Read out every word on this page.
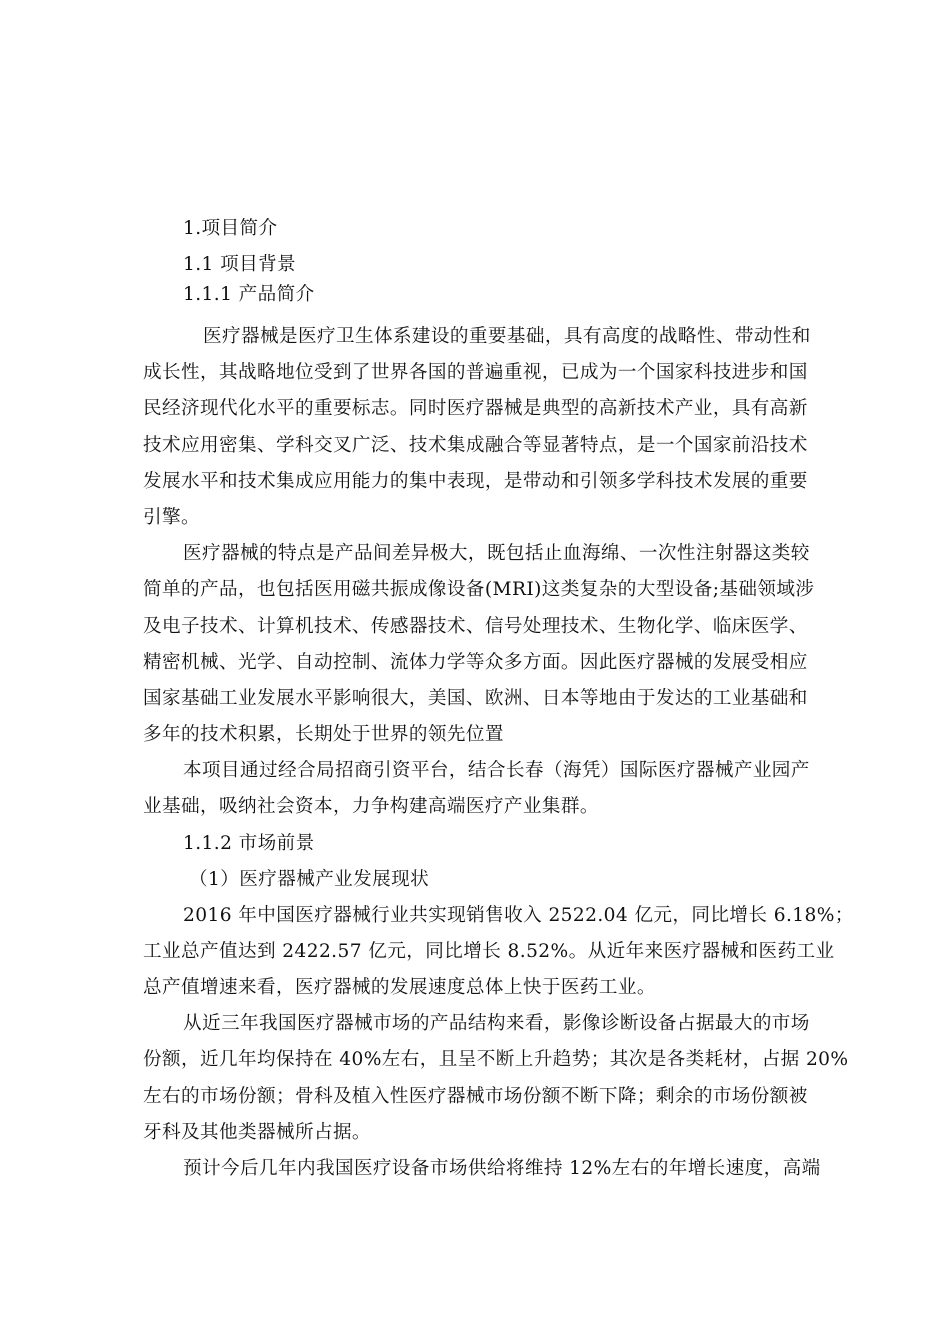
1.项目简介
1.1 项目背景
1.1.1 产品简介
医疗器械是医疗卫生体系建设的重要基础，具有高度的战略性、带动性和
成长性，其战略地位受到了世界各国的普遍重视，已成为一个国家科技进步和国
民经济现代化水平的重要标志。同时医疗器械是典型的高新技术产业，具有高新
技术应用密集、学科交叉广泛、技术集成融合等显著特点，是一个国家前沿技术
发展水平和技术集成应用能力的集中表现，是带动和引领多学科技术发展的重要
引擎。
医疗器械的特点是产品间差异极大，既包括止血海绵、一次性注射器这类较
简单的产品，也包括医用磁共振成像设备(MRI)这类复杂的大型设备;基础领域涉
及电子技术、计算机技术、传感器技术、信号处理技术、生物化学、临床医学、
精密机械、光学、自动控制、流体力学等众多方面。因此医疗器械的发展受相应
国家基础工业发展水平影响很大，美国、欧洲、日本等地由于发达的工业基础和
多年的技术积累，长期处于世界的领先位置
本项目通过经合局招商引资平台，结合长春（海凭）国际医疗器械产业园产
业基础，吸纳社会资本，力争构建高端医疗产业集群。
1.1.2 市场前景
（1）医疗器械产业发展现状
2016 年中国医疗器械行业共实现销售收入 2522.04 亿元，同比增长 6.18%；
工业总产值达到 2422.57 亿元，同比增长 8.52%。从近年来医疗器械和医药工业
总产值增速来看，医疗器械的发展速度总体上快于医药工业。
从近三年我国医疗器械市场的产品结构来看，影像诊断设备占据最大的市场
份额，近几年均保持在 40%左右，且呈不断上升趋势；其次是各类耗材，占据 20%
左右的市场份额；骨科及植入性医疗器械市场份额不断下降；剩余的市场份额被
牙科及其他类器械所占据。
预计今后几年内我国医疗设备市场供给将维持 12%左右的年增长速度，高端
